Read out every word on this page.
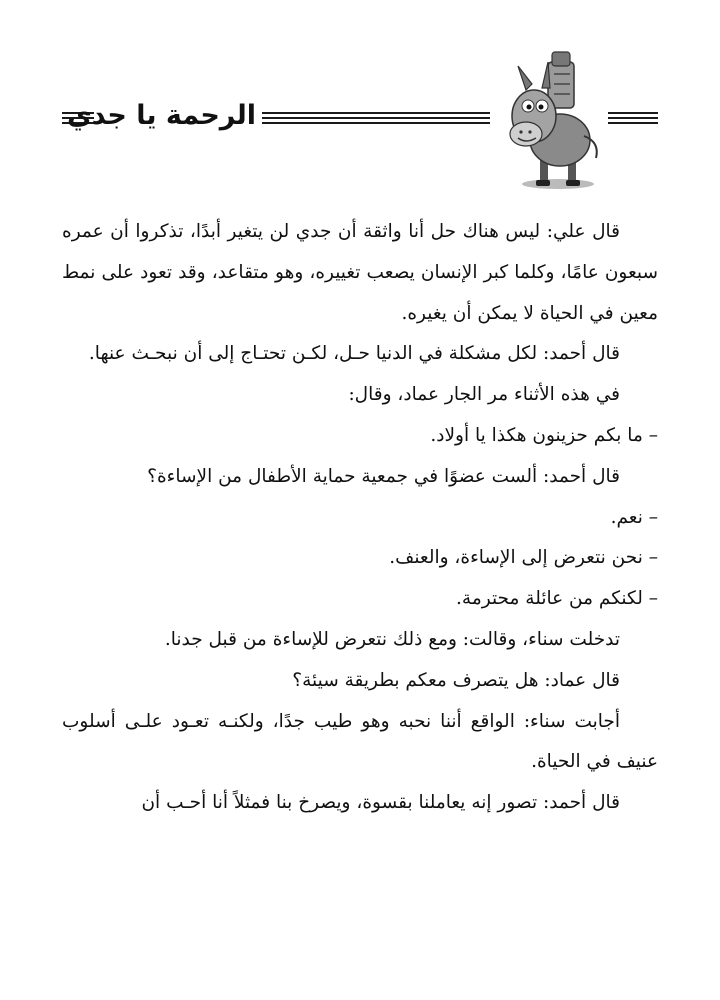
الرحمة يا جدي

قال علي: ليس هناك حل أنا واثقة أن جدي لن يتغير أبدًا، تذكروا أن عمره سبعون عامًا، وكلما كبر الإنسان يصعب تغييره، وهو متقاعد، وقد تعود على نمط معين في الحياة لا يمكن أن يغيره.

قال أحمد: لكل مشكلة في الدنيا حـل، لكـن تحتـاج إلى أن نبحـث عنها.

في هذه الأثناء مر الجار عماد، وقال:

– ما بكم حزينون هكذا يا أولاد.

قال أحمد: ألست عضوًا في جمعية حماية الأطفال من الإساءة؟

– نعم.

– نحن نتعرض إلى الإساءة، والعنف.

– لكنكم من عائلة محترمة.

تدخلت سناء، وقالت: ومع ذلك نتعرض للإساءة من قبل جدنا.

قال عماد: هل يتصرف معكم بطريقة سيئة؟

أجابت سناء: الواقع أننا نحبه وهو طيب جدًا، ولكنـه تعـود علـى أسلوب عنيف في الحياة.

قال أحمد: تصور إنه يعاملنا بقسوة، ويصرخ بنا فمثلاً أنا أحـب أن
